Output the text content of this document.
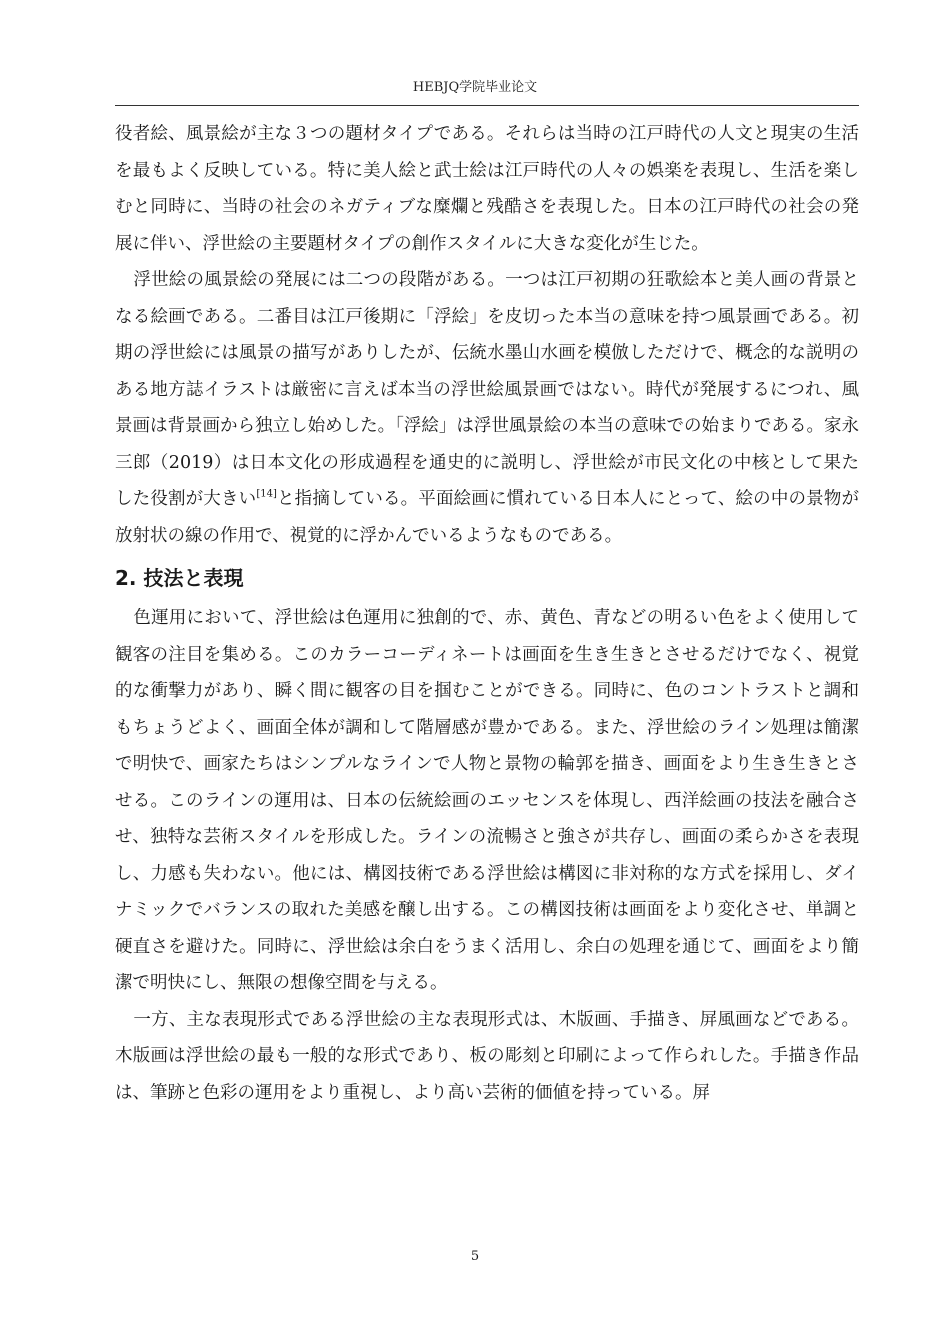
HEBJQ学院毕业论文

役者絵、風景絵が主な３つの題材タイプである。それらは当時の江戸時代の人文と現実の生活を最もよく反映している。特に美人絵と武士絵は江戸時代の人々の娯楽を表現し、生活を楽しむと同時に、当時の社会のネガティブな糜爛と残酷さを表現した。日本の江戸時代の社会の発展に伴い、浮世絵の主要題材タイプの創作スタイルに大きな変化が生じた。

浮世絵の風景絵の発展には二つの段階がある。一つは江戸初期の狂歌絵本と美人画の背景となる絵画である。二番目は江戸後期に「浮絵」を皮切った本当の意味を持つ風景画である。初期の浮世絵には風景の描写がありしたが、伝統水墨山水画を模倣しただけで、概念的な説明のある地方誌イラストは厳密に言えば本当の浮世絵風景画ではない。時代が発展するにつれ、風景画は背景画から独立し始めした。「浮絵」は浮世風景絵の本当の意味での始まりである。家永三郎（2019）は日本文化の形成過程を通史的に説明し、浮世絵が市民文化の中核として果たした役割が大きい[14]と指摘している。平面絵画に慣れている日本人にとって、絵の中の景物が放射状の線の作用で、視覚的に浮かんでいるようなものである。

2. 技法と表現

色運用において、浮世絵は色運用に独創的で、赤、黄色、青などの明るい色をよく使用して観客の注目を集める。このカラーコーディネートは画面を生き生きとさせるだけでなく、視覚的な衝撃力があり、瞬く間に観客の目を掴むことができる。同時に、色のコントラストと調和もちょうどよく、画面全体が調和して階層感が豊かである。また、浮世絵のライン処理は簡潔で明快で、画家たちはシンプルなラインで人物と景物の輪郭を描き、画面をより生き生きとさせる。このラインの運用は、日本の伝統絵画のエッセンスを体現し、西洋絵画の技法を融合させ、独特な芸術スタイルを形成した。ラインの流暢さと強さが共存し、画面の柔らかさを表現し、力感も失わない。他には、構図技術である浮世絵は構図に非対称的な方式を採用し、ダイナミックでバランスの取れた美感を醸し出する。この構図技術は画面をより変化させ、単調と硬直さを避けた。同時に、浮世絵は余白をうまく活用し、余白の処理を通じて、画面をより簡潔で明快にし、無限の想像空間を与える。

一方、主な表現形式である浮世絵の主な表現形式は、木版画、手描き、屏風画などである。木版画は浮世絵の最も一般的な形式であり、板の彫刻と印刷によって作られした。手描き作品は、筆跡と色彩の運用をより重視し、より高い芸術的価値を持っている。屏

5
